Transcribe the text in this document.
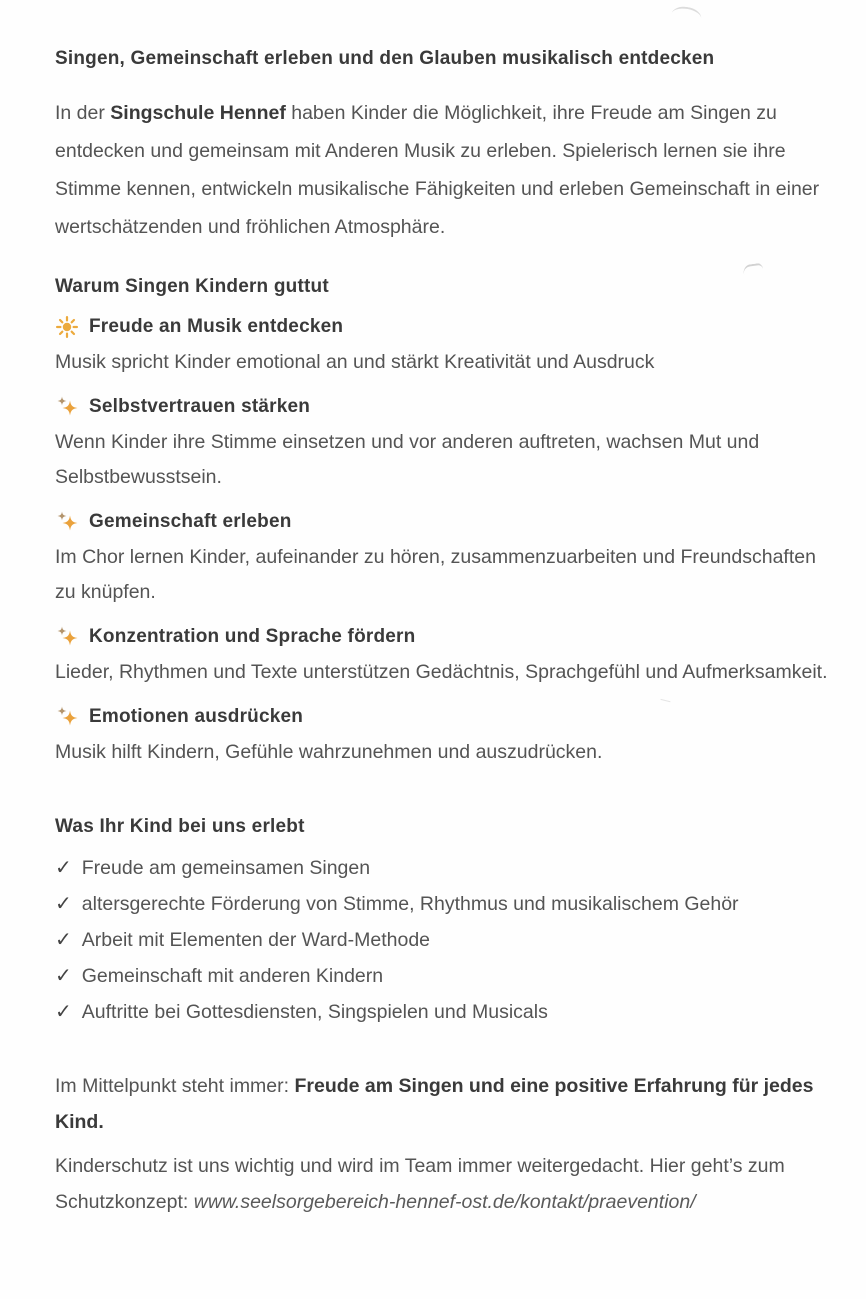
Singen, Gemeinschaft erleben und den Glauben musikalisch entdecken

In der Singschule Hennef haben Kinder die Möglichkeit, ihre Freude am Singen zu entdecken und gemeinsam mit Anderen Musik zu erleben. Spielerisch lernen sie ihre Stimme kennen, entwickeln musikalische Fähigkeiten und erleben Gemeinschaft in einer wertschätzenden und fröhlichen Atmosphäre.

Warum Singen Kindern guttut
Freude an Musik entdecken

Musik spricht Kinder emotional an und stärkt Kreativität und Ausdruck

Selbstvertrauen stärken

Wenn Kinder ihre Stimme einsetzen und vor anderen auftreten, wachsen Mut und Selbstbewusstsein.

Gemeinschaft erleben

Im Chor lernen Kinder, aufeinander zu hören, zusammenzuarbeiten und Freundschaften zu knüpfen.

Konzentration und Sprache fördern

Lieder, Rhythmen und Texte unterstützen Gedächtnis, Sprachgefühl und Aufmerksamkeit.

Emotionen ausdrücken

Musik hilft Kindern, Gefühle wahrzunehmen und auszudrücken.

Was Ihr Kind bei uns erlebt
✓ Freude am gemeinsamen Singen
✓ altersgerechte Förderung von Stimme, Rhythmus und musikalischem Gehör
✓ Arbeit mit Elementen der Ward-Methode
✓ Gemeinschaft mit anderen Kindern
✓ Auftritte bei Gottesdiensten, Singspielen und Musicals

Im Mittelpunkt steht immer: Freude am Singen und eine positive Erfahrung für jedes Kind.

Kinderschutz ist uns wichtig und wird im Team immer weitergedacht. Hier geht’s zum Schutzkonzept: www.seelsorgebereich-hennef-ost.de/kontakt/praevention/
